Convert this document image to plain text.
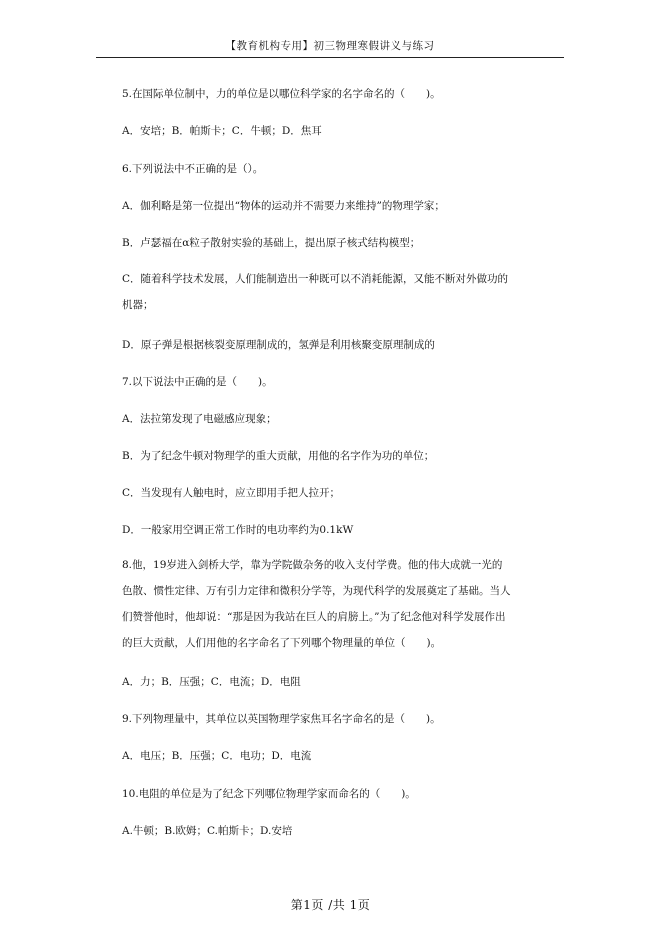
【教育机构专用】初三物理寒假讲义与练习
5.在国际单位制中，力的单位是以哪位科学家的名字命名的（　　)。
A．安培；B．帕斯卡；C．牛顿；D．焦耳
6.下列说法中不正确的是（）。
A．伽利略是第一位提出“物体的运动并不需要力来维持”的物理学家；
B．卢瑟福在α粒子散射实验的基础上，提出原子核式结构模型；
C．随着科学技术发展，人们能制造出一种既可以不消耗能源，又能不断对外做功的机器；
D．原子弹是根据核裂变原理制成的，氢弹是利用核聚变原理制成的
7.以下说法中正确的是（　　)。
A．法拉第发现了电磁感应现象；
B．为了纪念牛顿对物理学的重大贡献，用他的名字作为功的单位；
C．当发现有人触电时，应立即用手把人拉开；
D．一般家用空调正常工作时的电功率约为0.1kW
8.他，19岁进入剑桥大学，靠为学院做杂务的收入支付学费。他的伟大成就一光的色散、惯性定律、万有引力定律和微积分学等，为现代科学的发展奠定了基础。当人们赞誉他时，他却说：“那是因为我站在巨人的肩膀上。”为了纪念他对科学发展作出的巨大贡献，人们用他的名字命名了下列哪个物理量的单位（　　)。
A．力；B．压强；C．电流；D．电阻
9.下列物理量中，其单位以英国物理学家焦耳名字命名的是（　　)。
A．电压；B．压强；C．电功；D．电流
10.电阻的单位是为了纪念下列哪位物理学家而命名的（　　)。
A.牛顿；B.欧姆；C.帕斯卡；D.安培
第1页 /共 1页
